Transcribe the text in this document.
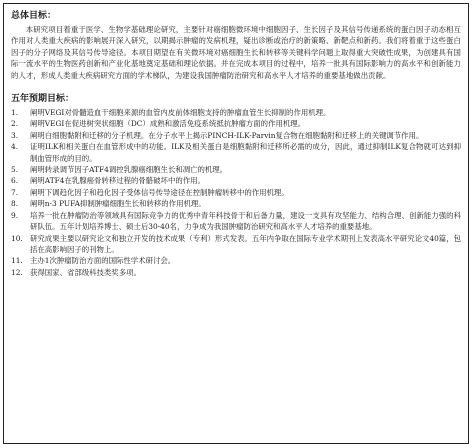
总体目标：

本研究项目着重于医学、生物学基础理论研究，主要针对癌细胞微环境中细胞因子、生长因子及其信号传递系统的蛋白因子动态相互作用对人类重大疾病的影响展开深入研究，以期揭示肿瘤的发病机理，疑出诊断或治疗的新策略、新靶点和新药。我们将着重于这些蛋白因子的分子网络及其信号传导途径。本项目期望在有关微环境对癌细胞生长和转移等关键科学问题上取得重大突破性成果，为创建具有国际一流水平的生物医药创新和产业化基地奠定基础和理论依据。并在完成本项目的过程中，培养一批具有国际影响力的高水平和创新能力的人才，形成人类重大疾病研究方面的学术梯队，为建设我国肿瘤防治研究和高水平人才培养的重要基地做出贡献。

五年预期目标：

1. 阐明VEGI对骨髓造血干细胞来源的血管内皮前体细胞支持的肿瘤血管生长抑制的作用机理。
2. 阐明VEGI在促进树突状细胞（DC）成熟和激活免疫系统抵抗肿瘤方面的作用机理。
3. 阐明白细胞黏附和迁移的分子机理。在分子水平上揭示PINCH-ILK-Parvin复合物在细胞黏附和迁移上的关键调节作用。
4. 证明ILK和相关蛋白在血管形成中的功能。ILK及相关蛋白是细胞黏附和迁移所必需的成分，因此，通过抑制ILK复合物就可达到抑制血管形成的目的。
5. 阐明转录调节因子ATF4调控乳腺癌细胞生长和凋亡的机理。
6. 阐明ATF4在乳腺癌骨转移过程的骨骼破坏中的作用。
7. 阐明下调趋化因子和趋化因子受体信号传导途径在控制肿瘤转移中的作用机理。
8. 阐明n-3 PUFA抑制肿瘤细胞生长和转移的作用机理。
9. 培养一批在肿瘤防治等领域具有国际竞争力的优秀中青年科技骨干和后备力量，建设一支具有攻坚能力、结构合理、创新能力强的科研队伍。五年计划培养博士、硕士后30-40名，力争成为我国肿瘤防治研究和高水平人才培养的重要基地。
10. 研究成果主要以研究论文和独立开发的技术成果（专利）形式发表。五年内争取在国际专业学术期刊上发表高水平研究论文40篇，包括在高影响因子的刊物上。
11. 主办1次肿瘤防治方面的国际性学术研讨会。
12. 获得国家、省部级科技类奖多项。
